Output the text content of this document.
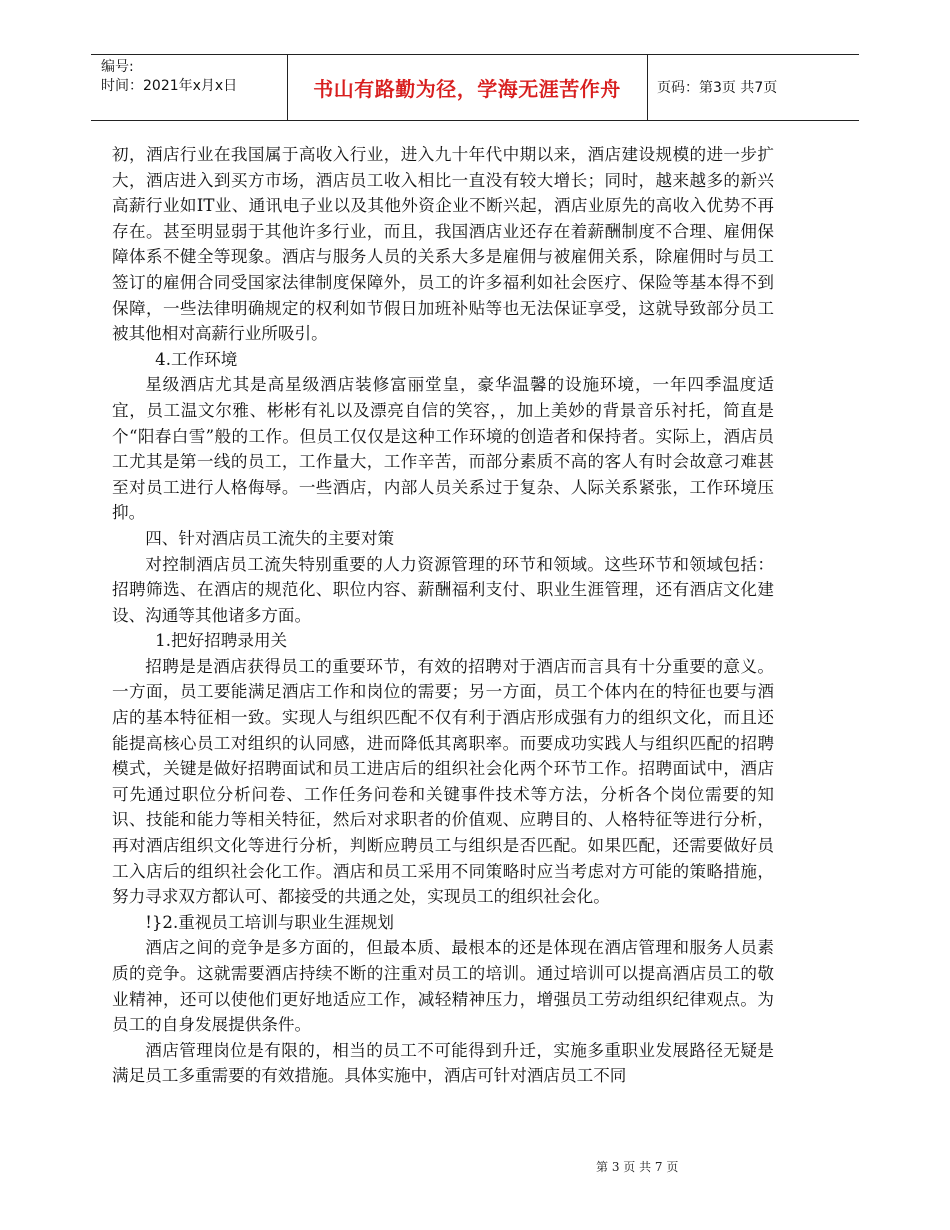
编号:
时间：2021年x月x日	书山有路勤为径，学海无涯苦作舟	页码：第3页 共7页

初，酒店行业在我国属于高收入行业，进入九十年代中期以来，酒店建设规模的进一步扩大，酒店进入到买方市场，酒店员工收入相比一直没有较大增长；同时，越来越多的新兴高薪行业如IT业、通讯电子业以及其他外资企业不断兴起，酒店业原先的高收入优势不再存在。甚至明显弱于其他许多行业，而且，我国酒店业还存在着薪酬制度不合理、雇佣保障体系不健全等现象。酒店与服务人员的关系大多是雇佣与被雇佣关系，除雇佣时与员工签订的雇佣合同受国家法律制度保障外，员工的许多福利如社会医疗、保险等基本得不到保障，一些法律明确规定的权利如节假日加班补贴等也无法保证享受，这就导致部分员工被其他相对高薪行业所吸引。

4.工作环境

星级酒店尤其是高星级酒店装修富丽堂皇，豪华温馨的设施环境，一年四季温度适宜，员工温文尔雅、彬彬有礼以及漂亮自信的笑容，，加上美妙的背景音乐衬托，简直是个“阳春白雪”般的工作。但员工仅仅是这种工作环境的创造者和保持者。实际上，酒店员工尤其是第一线的员工，工作量大，工作辛苦，而部分素质不高的客人有时会故意刁难甚至对员工进行人格侮辱。一些酒店，内部人员关系过于复杂、人际关系紧张，工作环境压抑。

四、针对酒店员工流失的主要对策

对控制酒店员工流失特别重要的人力资源管理的环节和领域。这些环节和领域包括：招聘筛选、在酒店的规范化、职位内容、薪酬福利支付、职业生涯管理，还有酒店文化建设、沟通等其他诸多方面。

1.把好招聘录用关

招聘是是酒店获得员工的重要环节，有效的招聘对于酒店而言具有十分重要的意义。一方面，员工要能满足酒店工作和岗位的需要；另一方面，员工个体内在的特征也要与酒店的基本特征相一致。实现人与组织匹配不仅有利于酒店形成强有力的组织文化，而且还能提高核心员工对组织的认同感，进而降低其离职率。而要成功实践人与组织匹配的招聘模式，关键是做好招聘面试和员工进店后的组织社会化两个环节工作。招聘面试中，酒店可先通过职位分析问卷、工作任务问卷和关键事件技术等方法，分析各个岗位需要的知识、技能和能力等相关特征，然后对求职者的价值观、应聘目的、人格特征等进行分析，再对酒店组织文化等进行分析，判断应聘员工与组织是否匹配。如果匹配，还需要做好员工入店后的组织社会化工作。酒店和员工采用不同策略时应当考虑对方可能的策略措施，努力寻求双方都认可、都接受的共通之处，实现员工的组织社会化。

!}2.重视员工培训与职业生涯规划

酒店之间的竞争是多方面的，但最本质、最根本的还是体现在酒店管理和服务人员素质的竞争。这就需要酒店持续不断的注重对员工的培训。通过培训可以提高酒店员工的敬业精神，还可以使他们更好地适应工作，减轻精神压力，增强员工劳动组织纪律观点。为员工的自身发展提供条件。

酒店管理岗位是有限的，相当的员工不可能得到升迁，实施多重职业发展路径无疑是满足员工多重需要的有效措施。具体实施中，酒店可针对酒店员工不同

第 3 页 共 7 页
